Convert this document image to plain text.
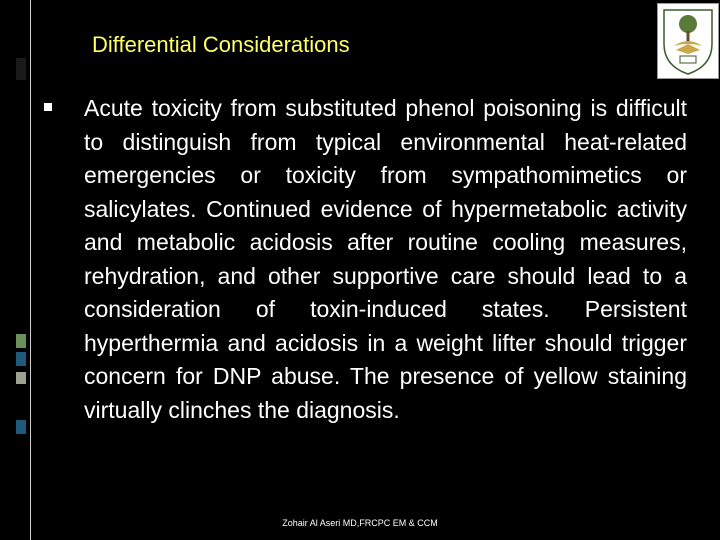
Differential Considerations
Acute toxicity from substituted phenol poisoning is difficult to distinguish from typical environmental heat-related emergencies or toxicity from sympathomimetics or salicylates. Continued evidence of hypermetabolic activity and metabolic acidosis after routine cooling measures, rehydration, and other supportive care should lead to a consideration of toxin-induced states. Persistent hyperthermia and acidosis in a weight lifter should trigger concern for DNP abuse. The presence of yellow staining virtually clinches the diagnosis.
Zohair Al Aseri MD,FRCPC EM & CCM
